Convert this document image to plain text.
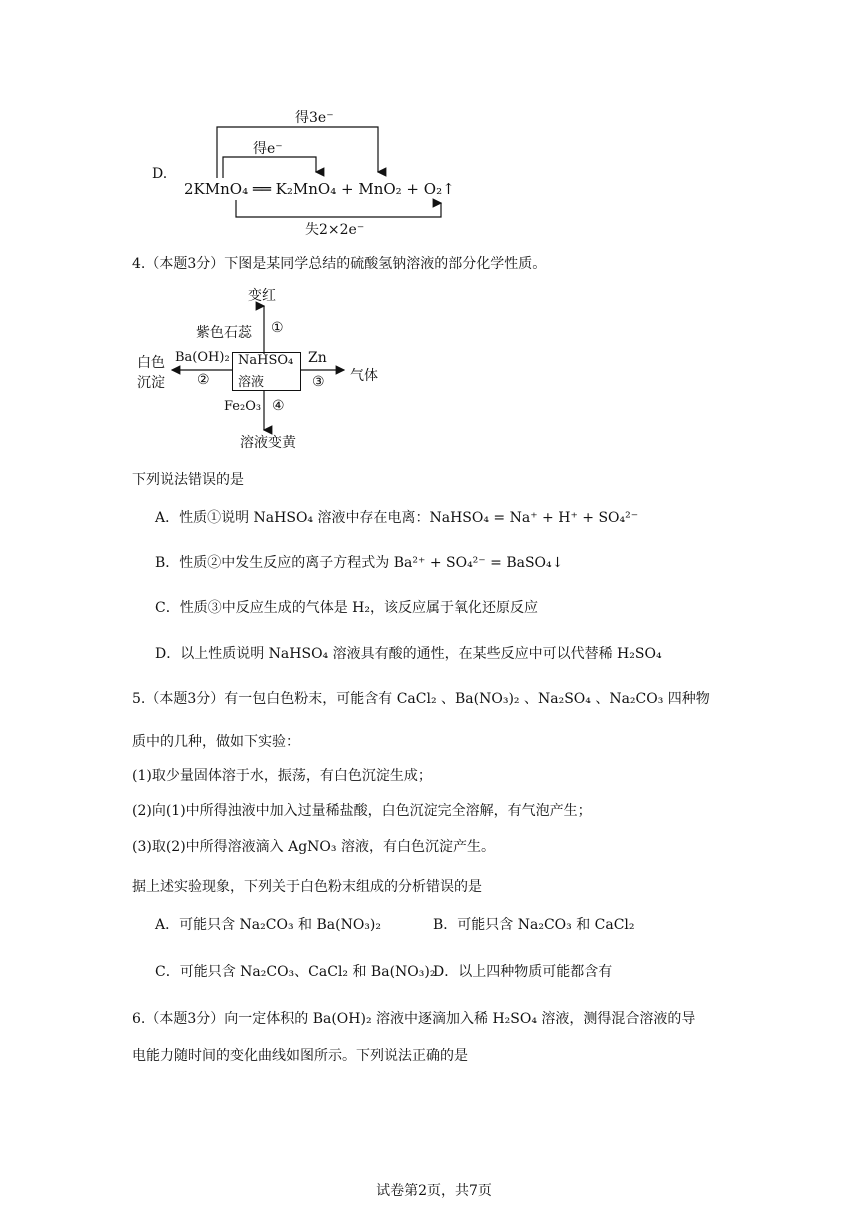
得3e⁻
得e⁻
D.
2KMnO₄ ══ K₂MnO₄ + MnO₂ + O₂↑
失2×2e⁻
4.（本题3分）下图是某同学总结的硫酸氢钠溶液的部分化学性质。
变红
紫色石蕊 ①
白色
沉淀
Ba(OH)₂
②
NaHSO₄
溶液
Zn
③ 气体
Fe₂O₃ ④
溶液变黄
下列说法错误的是
A．性质①说明 NaHSO₄ 溶液中存在电离：NaHSO₄ = Na⁺ + H⁺ + SO₄²⁻
B．性质②中发生反应的离子方程式为 Ba²⁺ + SO₄²⁻ = BaSO₄↓
C．性质③中反应生成的气体是 H₂，该反应属于氧化还原反应
D．以上性质说明 NaHSO₄ 溶液具有酸的通性，在某些反应中可以代替稀 H₂SO₄
5.（本题3分）有一包白色粉末，可能含有 CaCl₂ 、Ba(NO₃)₂ 、Na₂SO₄ 、Na₂CO₃ 四种物
质中的几种，做如下实验：
(1)取少量固体溶于水，振荡，有白色沉淀生成；
(2)向(1)中所得浊液中加入过量稀盐酸，白色沉淀完全溶解，有气泡产生；
(3)取(2)中所得溶液滴入 AgNO₃ 溶液，有白色沉淀产生。
据上述实验现象，下列关于白色粉末组成的分析错误的是
A．可能只含 Na₂CO₃ 和 Ba(NO₃)₂	B．可能只含 Na₂CO₃ 和 CaCl₂
C．可能只含 Na₂CO₃、CaCl₂ 和 Ba(NO₃)₂
D．以上四种物质可能都含有
6.（本题3分）向一定体积的 Ba(OH)₂ 溶液中逐滴加入稀 H₂SO₄ 溶液，测得混合溶液的导
电能力随时间的变化曲线如图所示。下列说法正确的是
试卷第2页，共7页
